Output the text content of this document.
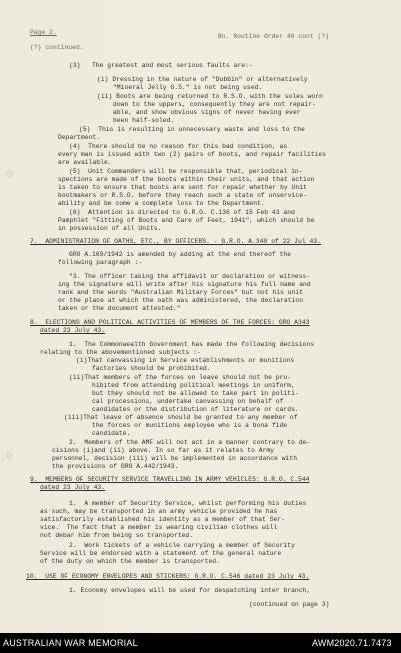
Page 2.
Bn. Routine Order 40 cont (?)
(?) continued.
(3)   The greatest and most serious faults are:-
(i) Dressing in the nature of "Dubbin" or alternatively
"Mineral Jelly G.S." is not being used.
(ii) Boots are being returned to R.S.O. with the soles worn
down to the uppers, consequently they are not repair-
able, and show obvious signs of never having ever
been half-soled.
(5)  This is resulting in unnecessary waste and loss to the
Department.
(4)  There should be no reason for this bad condition, as
every man is issued with two (2) pairs of boots, and repair facilities
are available.
(5)  Unit Commanders will be responsible that, periodical in-
spections are made of the boots within their units, and that action
is taken to ensure that boots are sent for repair whether by Unit
bootmakers or R.S.O. before they reach such a state of unservice-
ability and be come a complete loss to the Department.
(6)  Attention is directed to G.R.O. C.136 of 15 Feb 43 and
Pamphlet "Fitting of Boots and Care of Feet, 1941", which should be
in possession of all Units.
7.  ADMINISTRATION OF OATHS, ETC., BY OFFICERS. - G.R.O. A.340 of 22 Jul 43.
GRO A.169/1942 is amended by adding at the end thereof the
following paragraph :-
"3. The officer taking the affidavit or declaration or witness-
ing the signature will write after his signature his full name and
rank and the words "Australian Military Forces" but not his unit
or the place at which the oath was administered, the declaration
taken or the document attested."
8.  ELECTIONS AND POLITICAL ACTIVITIES OF MEMBERS OF THE FORCES: GRO A343
dated 23 July 43.
1.  The Commonwealth Government has made the following decisions
relating to the abovementioned subjects :-
(i)That canvassing in Service establishments or munitions
factories should be prohibited.
(ii)That members of the forces on leave should not be pro-
hibited from attending political meetings in uniform,
but they should not be allowed to take part in politi-
cal processions, undertake canvassing on behalf of
candidates or the distribution of literature or cards.
(iii)That leave of absence should be granted to any member of
the forces or munitions employee who is a bona fide
candidate.
2.  Members of the AMF will not act in a manner contrary to de-
cisions (i)and (ii) above. In so far as it relates to Army
personnel, decision (iii) will be implemented in accordance with
the provisions of GRO A.442/1943.
9.  MEMBERS OF SECURITY SERVICE TRAVELLING IN ARMY VEHICLES: G.R.O. C.544
dated 23 July 43.
1.  A member of Security Service, whilst performing his duties
as such, may be transported in an army vehicle provided he has
satisfactorily established his identity as a member of that Ser-
vice.  The fact that a member is wearing civilian clothes will
not debar him from being so transported.
2.  Work tickets of a vehicle carrying a member of Security
Service will be endorsed with a statement of the general nature
of the duty on which the member is transported.
10.  USE OF ECONOMY ENVELOPES AND STICKERS: G.R.O. C.546 dated 23 July 43.
1. Economy envelopes will be used for despatching inter branch,
(continued on page 3)
AUSTRALIAN WAR MEMORIAL	AWM2020.71.7473
